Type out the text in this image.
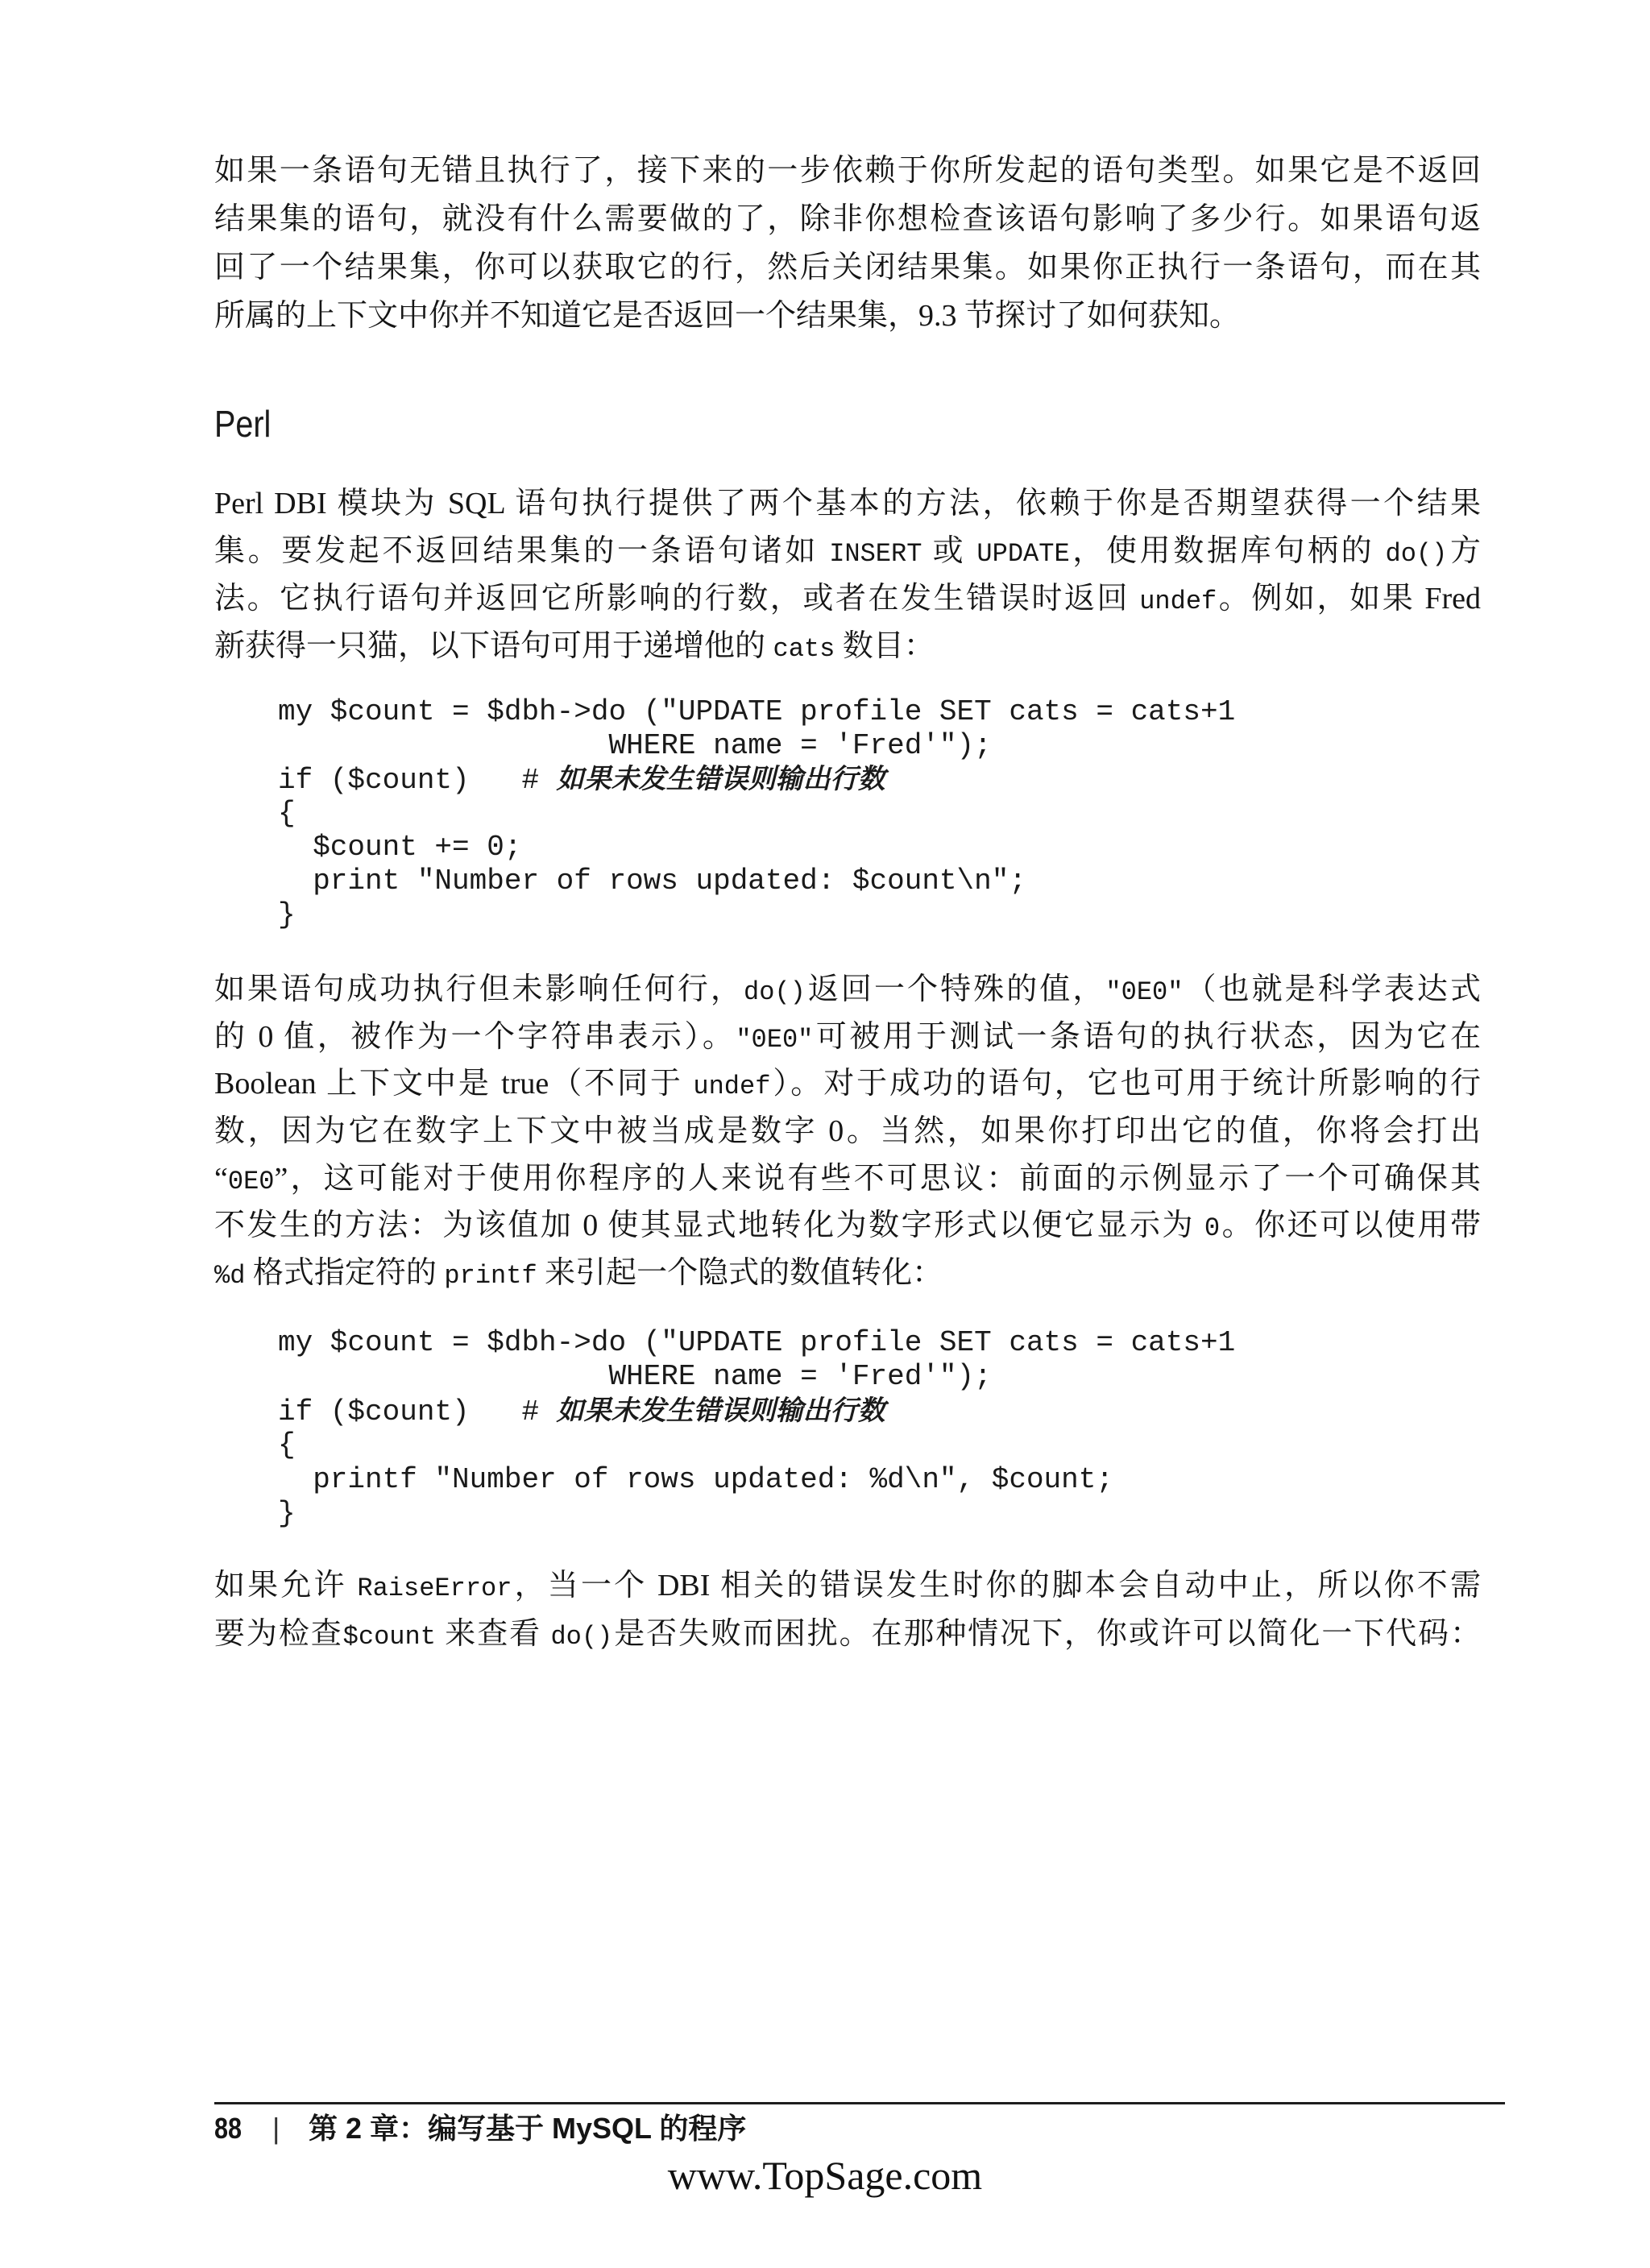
如果一条语句无错且执行了，接下来的一步依赖于你所发起的语句类型。如果它是不返回
结果集的语句，就没有什么需要做的了，除非你想检查该语句影响了多少行。如果语句返
回了一个结果集，你可以获取它的行，然后关闭结果集。如果你正执行一条语句，而在其
所属的上下文中你并不知道它是否返回一个结果集，9.3 节探讨了如何获知。
Perl
Perl DBI 模块为 SQL 语句执行提供了两个基本的方法，依赖于你是否期望获得一个结果
集。要发起不返回结果集的一条语句诸如 INSERT 或 UPDATE，使用数据库句柄的 do()方
法。它执行语句并返回它所影响的行数，或者在发生错误时返回 undef。例如，如果 Fred
新获得一只猫，以下语句可用于递增他的 cats 数目：
my $count = $dbh->do ("UPDATE profile SET cats = cats+1
WHERE name = 'Fred'");
if ($count)   # 如果未发生错误则输出行数
{
$count += 0;
print "Number of rows updated: $count\n";
}
如果语句成功执行但未影响任何行，do()返回一个特殊的值，"0E0"（也就是科学表达式
的 0 值，被作为一个字符串表示）。"0E0"可被用于测试一条语句的执行状态，因为它在
Boolean 上下文中是 true（不同于 undef）。对于成功的语句，它也可用于统计所影响的行
数，因为它在数字上下文中被当成是数字 0。当然，如果你打印出它的值，你将会打出
“0E0”，这可能对于使用你程序的人来说有些不可思议：前面的示例显示了一个可确保其
不发生的方法：为该值加 0 使其显式地转化为数字形式以便它显示为 0。你还可以使用带
%d 格式指定符的 printf 来引起一个隐式的数值转化：
my $count = $dbh->do ("UPDATE profile SET cats = cats+1
WHERE name = 'Fred'");
if ($count)   # 如果未发生错误则输出行数
{
printf "Number of rows updated: %d\n", $count;
}
如果允许 RaiseError，当一个 DBI 相关的错误发生时你的脚本会自动中止，所以你不需
要为检查$count 来查看 do()是否失败而困扰。在那种情况下，你或许可以简化一下代码：
88 | 第 2 章：编写基于 MySQL 的程序
www.TopSage.com
